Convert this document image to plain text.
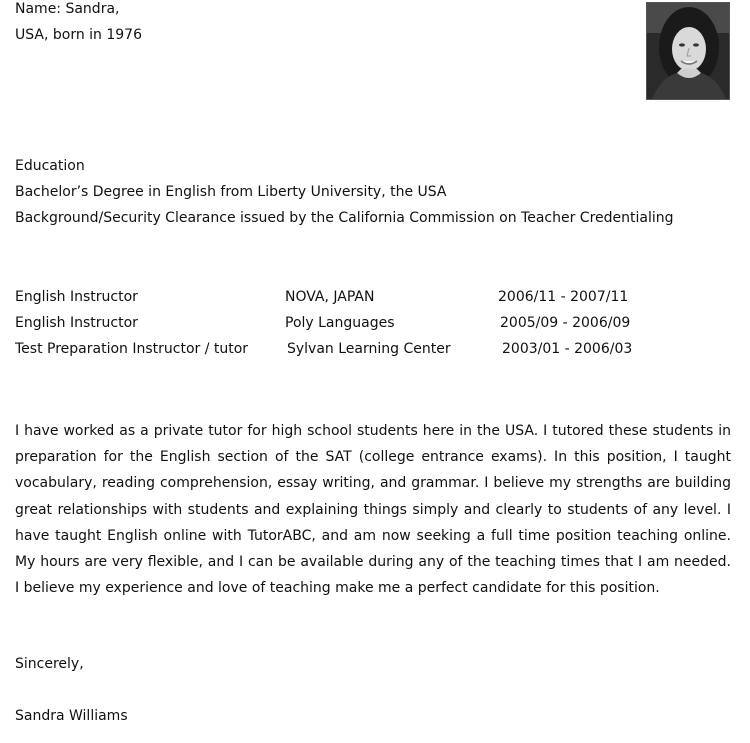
Name: Sandra,
USA, born in 1976
Education
Bachelor’s Degree in English from Liberty University, the USA
Background/Security Clearance issued by the California Commission on Teacher Credentialing
English Instructor	NOVA, JAPAN	2006/11 - 2007/11
English Instructor	Poly Languages	2005/09 - 2006/09
Test Preparation Instructor / tutor	Sylvan Learning Center	2003/01 - 2006/03
I have worked as a private tutor for high school students here in the USA. I tutored these students in preparation for the English section of the SAT (college entrance exams). In this position, I taught vocabulary, reading comprehension, essay writing, and grammar. I believe my strengths are building great relationships with students and explaining things simply and clearly to students of any level. I have taught English online with TutorABC, and am now seeking a full time position teaching online. My hours are very flexible, and I can be available during any of the teaching times that I am needed. I believe my experience and love of teaching make me a perfect candidate for this position.
Sincerely,
Sandra Williams
